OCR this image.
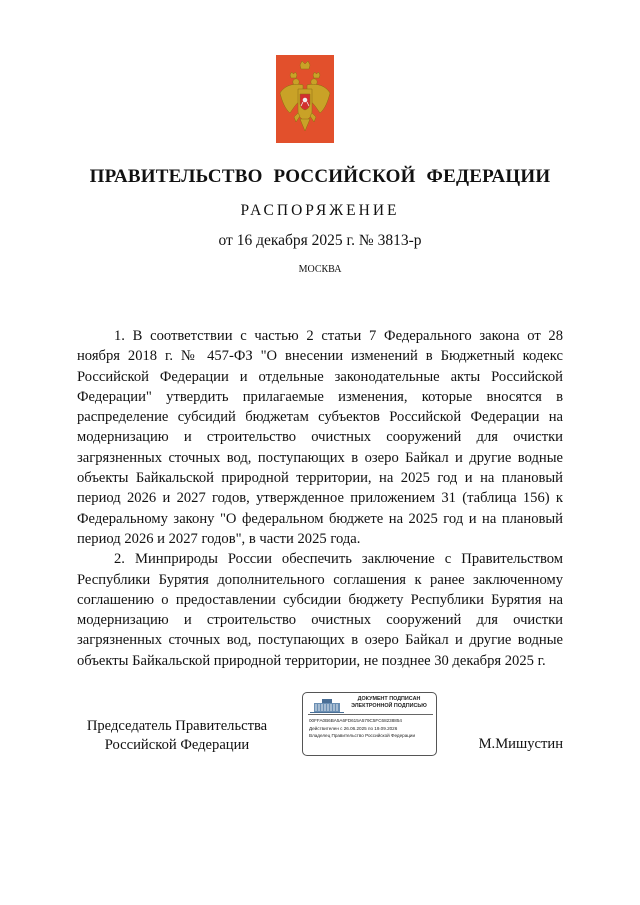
ПРАВИТЕЛЬСТВО РОССИЙСКОЙ ФЕДЕРАЦИИ
РАСПОРЯЖЕНИЕ
от 16 декабря 2025 г. № 3813-р
МОСКВА

1. В соответствии с частью 2 статьи 7 Федерального закона от 28 ноября 2018 г. № 457-ФЗ "О внесении изменений в Бюджетный кодекс Российской Федерации и отдельные законодательные акты Российской Федерации" утвердить прилагаемые изменения, которые вносятся в распределение субсидий бюджетам субъектов Российской Федерации на модернизацию и строительство очистных сооружений для очистки загрязненных сточных вод, поступающих в озеро Байкал и другие водные объекты Байкальской природной территории, на 2025 год и на плановый период 2026 и 2027 годов, утвержденное приложением 31 (таблица 156) к Федеральному закону "О федеральном бюджете на 2025 год и на плановый период 2026 и 2027 годов", в части 2025 года.

2. Минприроды России обеспечить заключение с Правительством Республики Бурятия дополнительного соглашения к ранее заключенному соглашению о предоставлении субсидии бюджету Республики Бурятия на модернизацию и строительство очистных сооружений для очистки загрязненных сточных вод, поступающих в озеро Байкал и другие водные объекты Байкальской природной территории, не позднее 30 декабря 2025 г.

Председатель Правительства
Российской Федерации
ДОКУМЕНТ ПОДПИСАН
ЭЛЕКТРОННОЙ ПОДПИСЬЮ
00FFA0B6BA5A6FD615A579C5FC68238854
Действителен с 26.06.2025 по 19.09.2026
Владелец Правительство Российской Федерации
М.Мишустин
